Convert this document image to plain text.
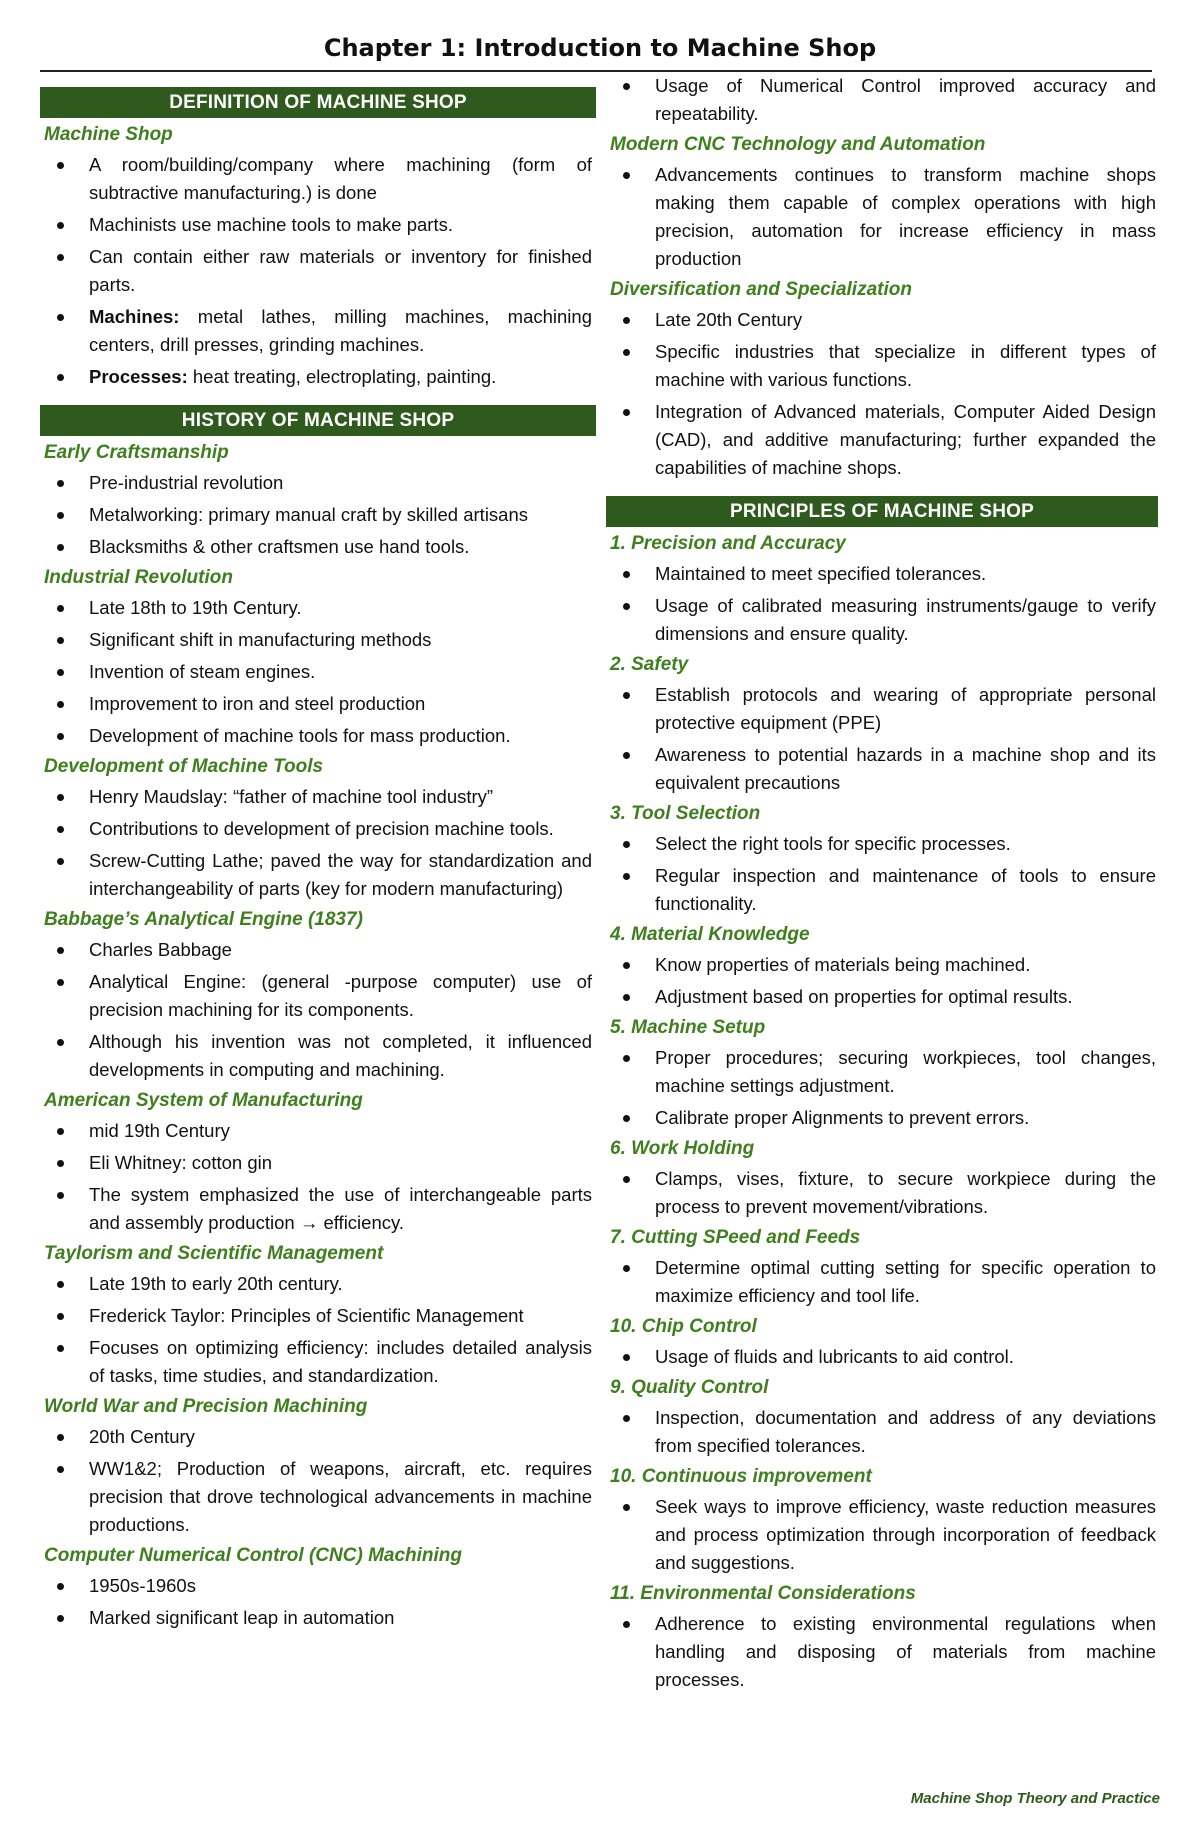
Chapter 1: Introduction to Machine Shop
DEFINITION OF MACHINE SHOP
Machine Shop
A room/building/company where machining (form of subtractive manufacturing.) is done
Machinists use machine tools to make parts.
Can contain either raw materials or inventory for finished parts.
Machines: metal lathes, milling machines, machining centers, drill presses, grinding machines.
Processes: heat treating, electroplating, painting.
HISTORY OF MACHINE SHOP
Early Craftsmanship
Pre-industrial revolution
Metalworking: primary manual craft by skilled artisans
Blacksmiths & other craftsmen use hand tools.
Industrial Revolution
Late 18th to 19th Century.
Significant shift in manufacturing methods
Invention of steam engines.
Improvement to iron and steel production
Development of machine tools for mass production.
Development of Machine Tools
Henry Maudslay: “father of machine tool industry”
Contributions to development of precision machine tools.
Screw-Cutting Lathe; paved the way for standardization and interchangeability of parts (key for modern manufacturing)
Babbage’s Analytical Engine (1837)
Charles Babbage
Analytical Engine: (general -purpose computer) use of precision machining for its components.
Although his invention was not completed, it influenced developments in computing and machining.
American System of Manufacturing
mid 19th Century
Eli Whitney: cotton gin
The system emphasized the use of interchangeable parts and assembly production → efficiency.
Taylorism and Scientific Management
Late 19th to early 20th century.
Frederick Taylor: Principles of Scientific Management
Focuses on optimizing efficiency: includes detailed analysis of tasks, time studies, and standardization.
World War and Precision Machining
20th Century
WW1&2; Production of weapons, aircraft, etc. requires precision that drove technological advancements in machine productions.
Computer Numerical Control (CNC) Machining
1950s-1960s
Marked significant leap in automation
Usage of Numerical Control improved accuracy and repeatability.
Modern CNC Technology and Automation
Advancements continues to transform machine shops making them capable of complex operations with high precision, automation for increase efficiency in mass production
Diversification and Specialization
Late 20th Century
Specific industries that specialize in different types of machine with various functions.
Integration of Advanced materials, Computer Aided Design (CAD), and additive manufacturing; further expanded the capabilities of machine shops.
PRINCIPLES OF MACHINE SHOP
1. Precision and Accuracy
Maintained to meet specified tolerances.
Usage of calibrated measuring instruments/gauge to verify dimensions and ensure quality.
2. Safety
Establish protocols and wearing of appropriate personal protective equipment (PPE)
Awareness to potential hazards in a machine shop and its equivalent precautions
3. Tool Selection
Select the right tools for specific processes.
Regular inspection and maintenance of tools to ensure functionality.
4. Material Knowledge
Know properties of materials being machined.
Adjustment based on properties for optimal results.
5. Machine Setup
Proper procedures; securing workpieces, tool changes, machine settings adjustment.
Calibrate proper Alignments to prevent errors.
6. Work Holding
Clamps, vises, fixture, to secure workpiece during the process to prevent movement/vibrations.
7. Cutting SPeed and Feeds
Determine optimal cutting setting for specific operation to maximize efficiency and tool life.
10. Chip Control
Usage of fluids and lubricants to aid control.
9. Quality Control
Inspection, documentation and address of any deviations from specified tolerances.
10. Continuous improvement
Seek ways to improve efficiency, waste reduction measures and process optimization through incorporation of feedback and suggestions.
11. Environmental Considerations
Adherence to existing environmental regulations when handling and disposing of materials from machine processes.
Machine Shop Theory and Practice
